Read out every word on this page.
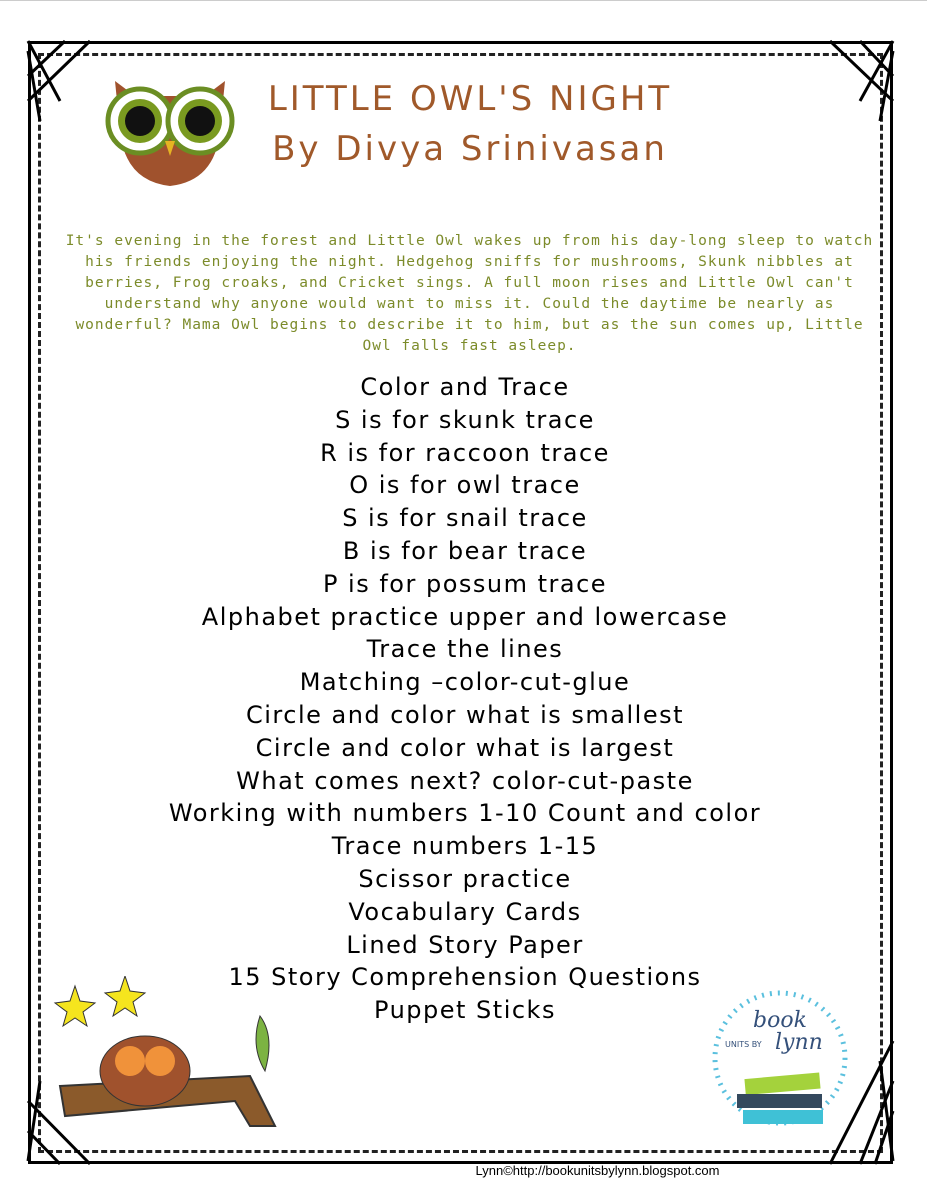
LITTLE OWL'S NIGHT
By Divya Srinivasan
It's evening in the forest and Little Owl wakes up from his day-long sleep to watch his friends enjoying the night. Hedgehog sniffs for mushrooms, Skunk nibbles at berries, Frog croaks, and Cricket sings. A full moon rises and Little Owl can't understand why anyone would want to miss it. Could the daytime be nearly as wonderful? Mama Owl begins to describe it to him, but as the sun comes up, Little Owl falls fast asleep.
Color and Trace
S is for skunk trace
R is for raccoon trace
O is for owl trace
S is for snail trace
B is for bear trace
P is for possum trace
Alphabet practice upper and lowercase
Trace the lines
Matching –color-cut-glue
Circle and color what is smallest
Circle and color what is largest
What comes next? color-cut-paste
Working with numbers 1-10 Count and color
Trace numbers 1-15
Scissor practice
Vocabulary Cards
Lined Story Paper
15 Story Comprehension Questions
Puppet Sticks	book
UNITS BY lynn
Lynn©http://bookunitsbylynn.blogspot.com
